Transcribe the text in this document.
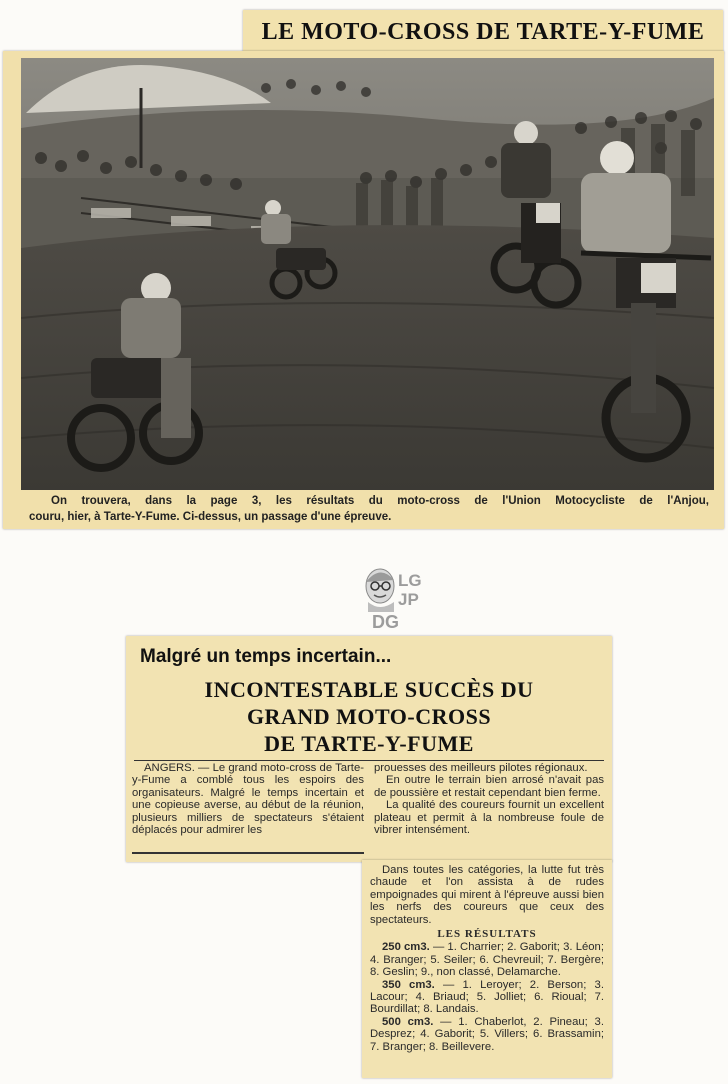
LE MOTO-CROSS DE TARTE-Y-FUME

On trouvera, dans la page 3, les résultats du moto-cross de l'Union Motocycliste de l'Anjou,

couru, hier, à Tarte-Y-Fume. Ci-dessus, un passage d'une épreuve.

LG
JP
DG
Malgré un temps incertain...
INCONTESTABLE SUCCÈS DU
GRAND MOTO-CROSS
DE TARTE-Y-FUME

ANGERS. — Le grand moto-cross de Tarte-y-Fume a comblé tous les espoirs des organisateurs. Malgré le temps incertain et une copieuse averse, au début de la réunion, plusieurs milliers de spectateurs s'étaient déplacés pour admirer les

prouesses des meilleurs pilotes régionaux.

En outre le terrain bien arrosé n'avait pas de poussière et restait cependant bien ferme.

La qualité des coureurs fournit un excellent plateau et permit à la nombreuse foule de vibrer intensément.

Dans toutes les catégories, la lutte fut très chaude et l'on assista à de rudes empoignades qui mirent à l'épreuve aussi bien les nerfs des coureurs que ceux des spectateurs.

LES RÉSULTATS

250 cm3. — 1. Charrier; 2. Gaborit; 3. Léon; 4. Branger; 5. Seiler; 6. Chevreuil; 7. Bergère; 8. Geslin; 9., non classé, Delamarche.

350 cm3. — 1. Leroyer; 2. Berson; 3. Lacour; 4. Briaud; 5. Jolliet; 6. Rioual; 7. Bourdillat; 8. Landais.

500 cm3. — 1. Chaberlot, 2. Pineau; 3. Desprez; 4. Gaborit; 5. Villers; 6. Brassamin; 7. Branger; 8. Beillevere.
